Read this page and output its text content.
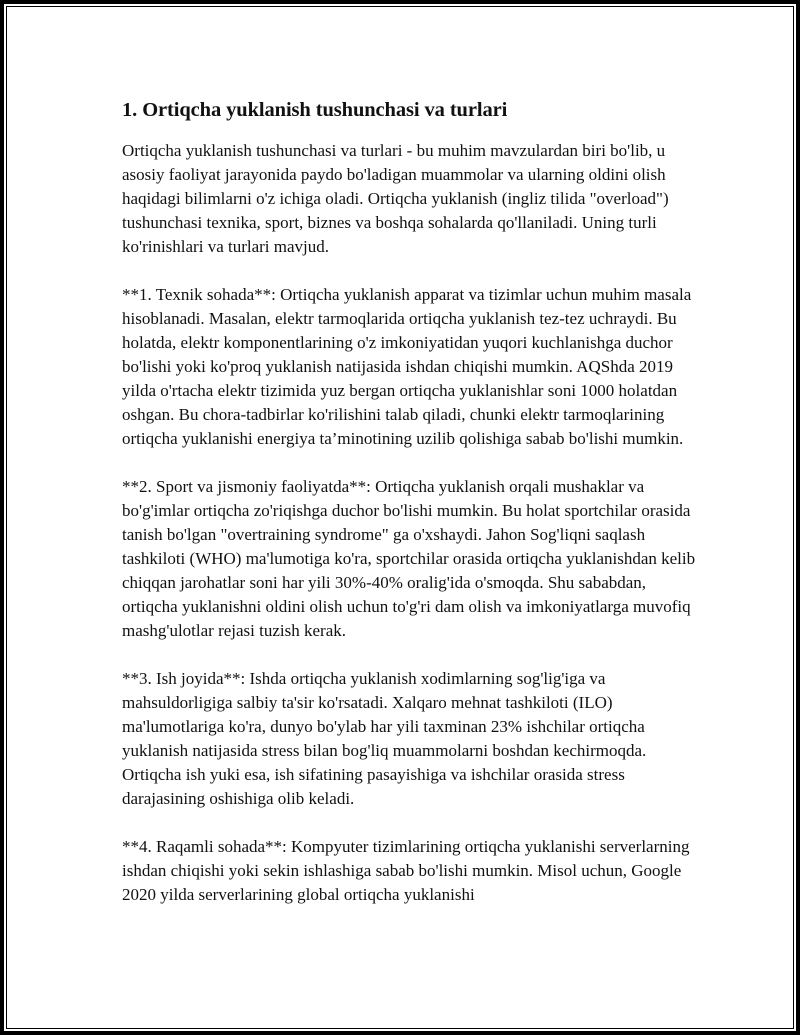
1. Ortiqcha yuklanish tushunchasi va turlari

Ortiqcha yuklanish tushunchasi va turlari - bu muhim mavzulardan biri bo'lib, u asosiy faoliyat jarayonida paydo bo'ladigan muammolar va ularning oldini olish haqidagi bilimlarni o'z ichiga oladi. Ortiqcha yuklanish (ingliz tilida "overload") tushunchasi texnika, sport, biznes va boshqa sohalarda qo'llaniladi. Uning turli ko'rinishlari va turlari mavjud.

**1. Texnik sohada**: Ortiqcha yuklanish apparat va tizimlar uchun muhim masala hisoblanadi. Masalan, elektr tarmoqlarida ortiqcha yuklanish tez-tez uchraydi. Bu holatda, elektr komponentlarining o'z imkoniyatidan yuqori kuchlanishga duchor bo'lishi yoki ko'proq yuklanish natijasida ishdan chiqishi mumkin. AQShda 2019 yilda o'rtacha elektr tizimida yuz bergan ortiqcha yuklanishlar soni 1000 holatdan oshgan. Bu chora-tadbirlar ko'rilishini talab qiladi, chunki elektr tarmoqlarining ortiqcha yuklanishi energiya ta’minotining uzilib qolishiga sabab bo'lishi mumkin.

**2. Sport va jismoniy faoliyatda**: Ortiqcha yuklanish orqali mushaklar va bo'g'imlar ortiqcha zo'riqishga duchor bo'lishi mumkin. Bu holat sportchilar orasida tanish bo'lgan "overtraining syndrome" ga o'xshaydi. Jahon Sog'liqni saqlash tashkiloti (WHO) ma'lumotiga ko'ra, sportchilar orasida ortiqcha yuklanishdan kelib chiqqan jarohatlar soni har yili 30%-40% oralig'ida o'smoqda. Shu sababdan, ortiqcha yuklanishni oldini olish uchun to'g'ri dam olish va imkoniyatlarga muvofiq mashg'ulotlar rejasi tuzish kerak.

**3. Ish joyida**: Ishda ortiqcha yuklanish xodimlarning sog'lig'iga va mahsuldorligiga salbiy ta'sir ko'rsatadi. Xalqaro mehnat tashkiloti (ILO) ma'lumotlariga ko'ra, dunyo bo'ylab har yili taxminan 23% ishchilar ortiqcha yuklanish natijasida stress bilan bog'liq muammolarni boshdan kechirmoqda. Ortiqcha ish yuki esa, ish sifatining pasayishiga va ishchilar orasida stress darajasining oshishiga olib keladi.

**4. Raqamli sohada**: Kompyuter tizimlarining ortiqcha yuklanishi serverlarning ishdan chiqishi yoki sekin ishlashiga sabab bo'lishi mumkin. Misol uchun, Google 2020 yilda serverlarining global ortiqcha yuklanishi
